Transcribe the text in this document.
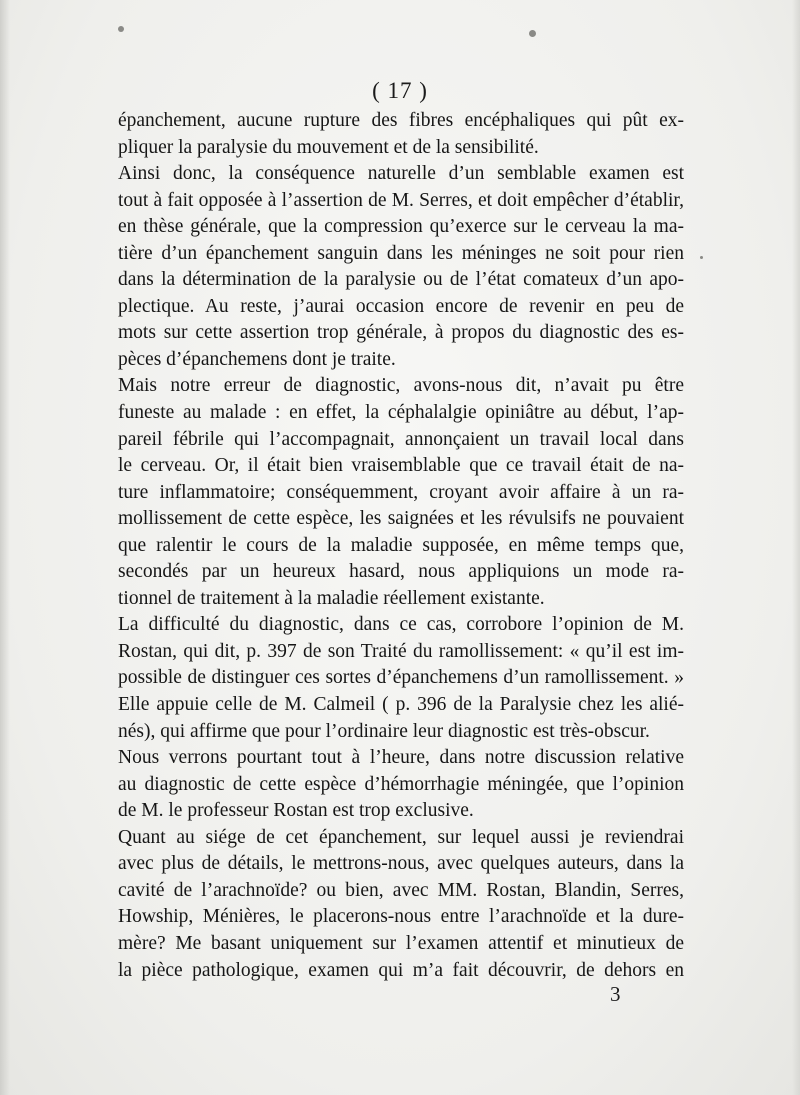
( 17 )
épanchement, aucune rupture des fibres encéphaliques qui pût ex-
pliquer la paralysie du mouvement et de la sensibilité.
Ainsi donc, la conséquence naturelle d’un semblable examen est
tout à fait opposée à l’assertion de M. Serres, et doit empêcher d’établir,
en thèse générale, que la compression qu’exerce sur le cerveau la ma-
tière d’un épanchement sanguin dans les méninges ne soit pour rien
dans la détermination de la paralysie ou de l’état comateux d’un apo-
plectique. Au reste, j’aurai occasion encore de revenir en peu de
mots sur cette assertion trop générale, à propos du diagnostic des es-
pèces d’épanchemens dont je traite.
Mais notre erreur de diagnostic, avons-nous dit, n’avait pu être
funeste au malade : en effet, la céphalalgie opiniâtre au début, l’ap-
pareil fébrile qui l’accompagnait, annonçaient un travail local dans
le cerveau. Or, il était bien vraisemblable que ce travail était de na-
ture inflammatoire; conséquemment, croyant avoir affaire à un ra-
mollissement de cette espèce, les saignées et les révulsifs ne pouvaient
que ralentir le cours de la maladie supposée, en même temps que,
secondés par un heureux hasard, nous appliquions un mode ra-
tionnel de traitement à la maladie réellement existante.
La difficulté du diagnostic, dans ce cas, corrobore l’opinion de M.
Rostan, qui dit, p. 397 de son Traité du ramollissement: « qu’il est im-
possible de distinguer ces sortes d’épanchemens d’un ramollissement. »
Elle appuie celle de M. Calmeil ( p. 396 de la Paralysie chez les alié-
nés), qui affirme que pour l’ordinaire leur diagnostic est très-obscur.
Nous verrons pourtant tout à l’heure, dans notre discussion relative
au diagnostic de cette espèce d’hémorrhagie méningée, que l’opinion
de M. le professeur Rostan est trop exclusive.
Quant au siége de cet épanchement, sur lequel aussi je reviendrai
avec plus de détails, le mettrons-nous, avec quelques auteurs, dans la
cavité de l’arachnoïde? ou bien, avec MM. Rostan, Blandin, Serres,
Howship, Ménières, le placerons-nous entre l’arachnoïde et la dure-
mère? Me basant uniquement sur l’examen attentif et minutieux de
la pièce pathologique, examen qui m’a fait découvrir, de dehors en
3
